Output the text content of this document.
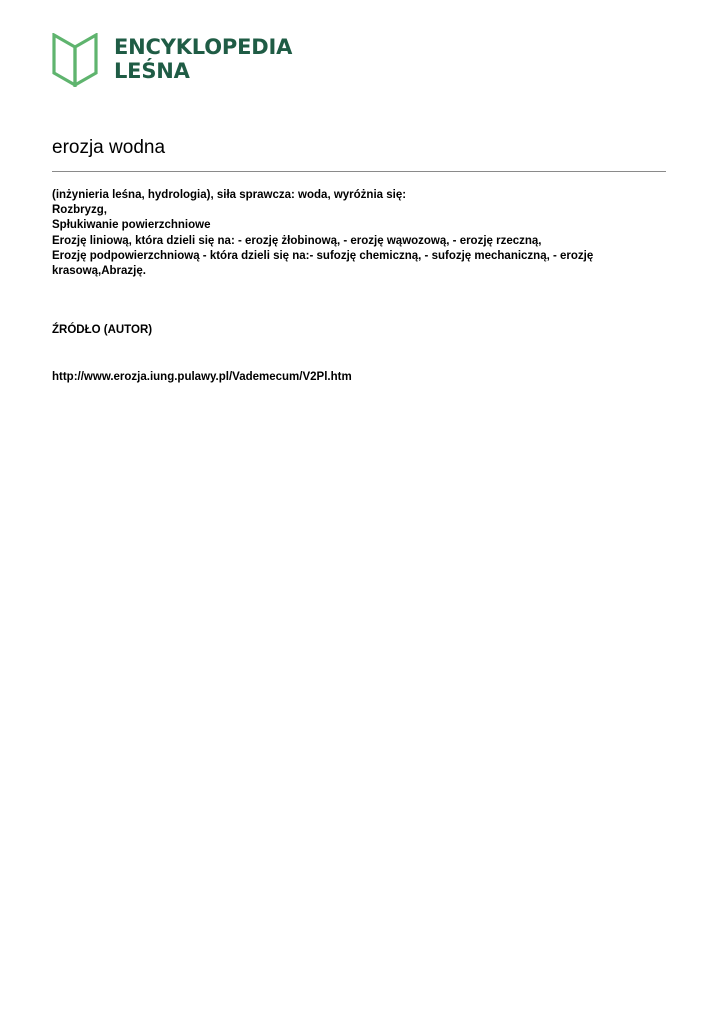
ENCYKLOPEDIA
LEŚNA
erozja wodna
(inżynieria leśna, hydrologia), siła sprawcza: woda, wyróżnia się:
Rozbryzg,
Spłukiwanie powierzchniowe
Erozję liniową, która dzieli się na: - erozję żłobinową, - erozję wąwozową, - erozję rzeczną,
Erozję podpowierzchniową - która dzieli się na:- sufozję chemiczną, - sufozję mechaniczną, - erozję krasową,Abrazję.
ŹRÓDŁO (AUTOR)
http://www.erozja.iung.pulawy.pl/Vademecum/V2Pl.htm
